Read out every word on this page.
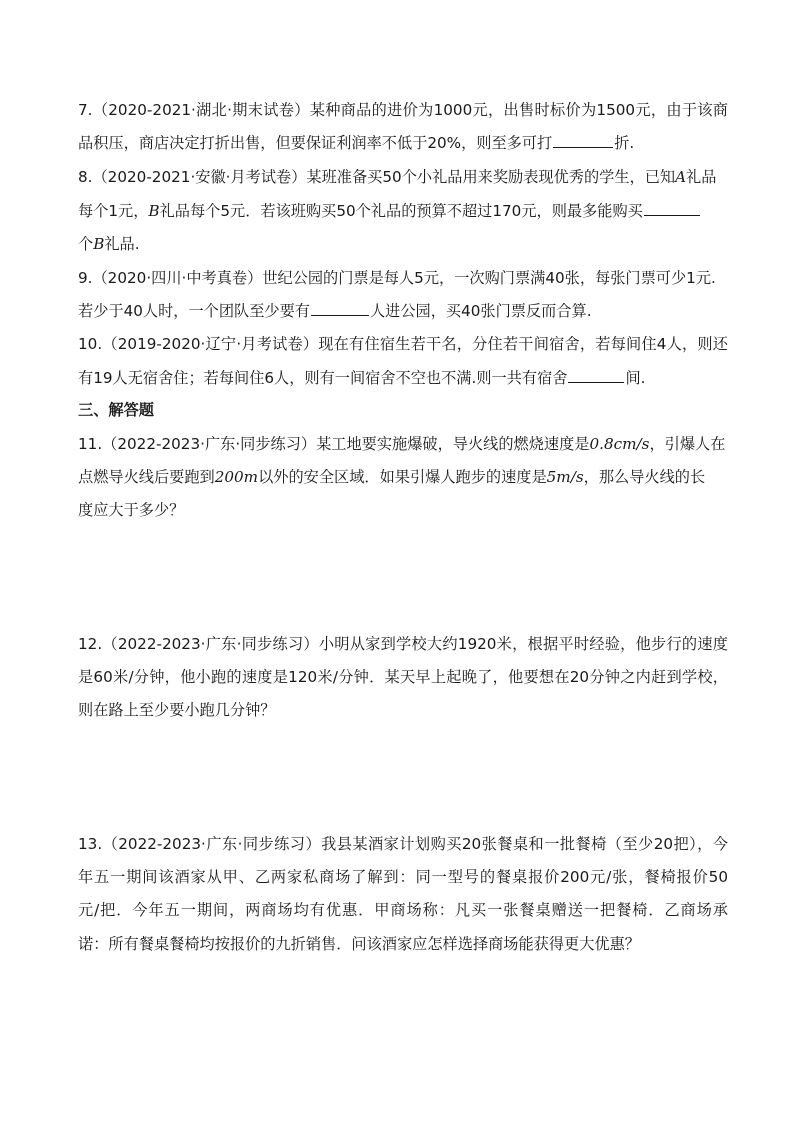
7.（2020-2021·湖北·期末试卷）某种商品的进价为1000元，出售时标价为1500元，由于该商
品积压，商店决定打折出售，但要保证利润率不低于20%，则至多可打	折.
8.（2020-2021·安徽·月考试卷）某班准备买50个小礼品用来奖励表现优秀的学生，已知A礼品
每个1元，B礼品每个5元．若该班购买50个礼品的预算不超过170元，则最多能购买
个B礼品.
9.（2020·四川·中考真卷）世纪公园的门票是每人5元，一次购门票满40张，每张门票可少1元.
若少于40人时，一个团队至少要有	人进公园，买40张门票反而合算.
10.（2019-2020·辽宁·月考试卷）现在有住宿生若干名，分住若干间宿舍，若每间住4人，则还
有19人无宿舍住；若每间住6人，则有一间宿舍不空也不满.则一共有宿舍	间.
三、解答题
11.（2022-2023·广东·同步练习）某工地要实施爆破，导火线的燃烧速度是0.8cm/s，引爆人在
点燃导火线后要跑到200m以外的安全区域．如果引爆人跑步的速度是5m/s，那么导火线的长
度应大于多少？
12.（2022-2023·广东·同步练习）小明从家到学校大约1920米，根据平时经验，他步行的速度
是60米/分钟，他小跑的速度是120米/分钟．某天早上起晚了，他要想在20分钟之内赶到学校，
则在路上至少要小跑几分钟？
13.（2022-2023·广东·同步练习）我县某酒家计划购买20张餐桌和一批餐椅（至少20把），今
年五一期间该酒家从甲、乙两家私商场了解到：同一型号的餐桌报价200元/张，餐椅报价50
元/把．今年五一期间，两商场均有优惠．甲商场称：凡买一张餐桌赠送一把餐椅．乙商场承
诺：所有餐桌餐椅均按报价的九折销售．问该酒家应怎样选择商场能获得更大优惠？
